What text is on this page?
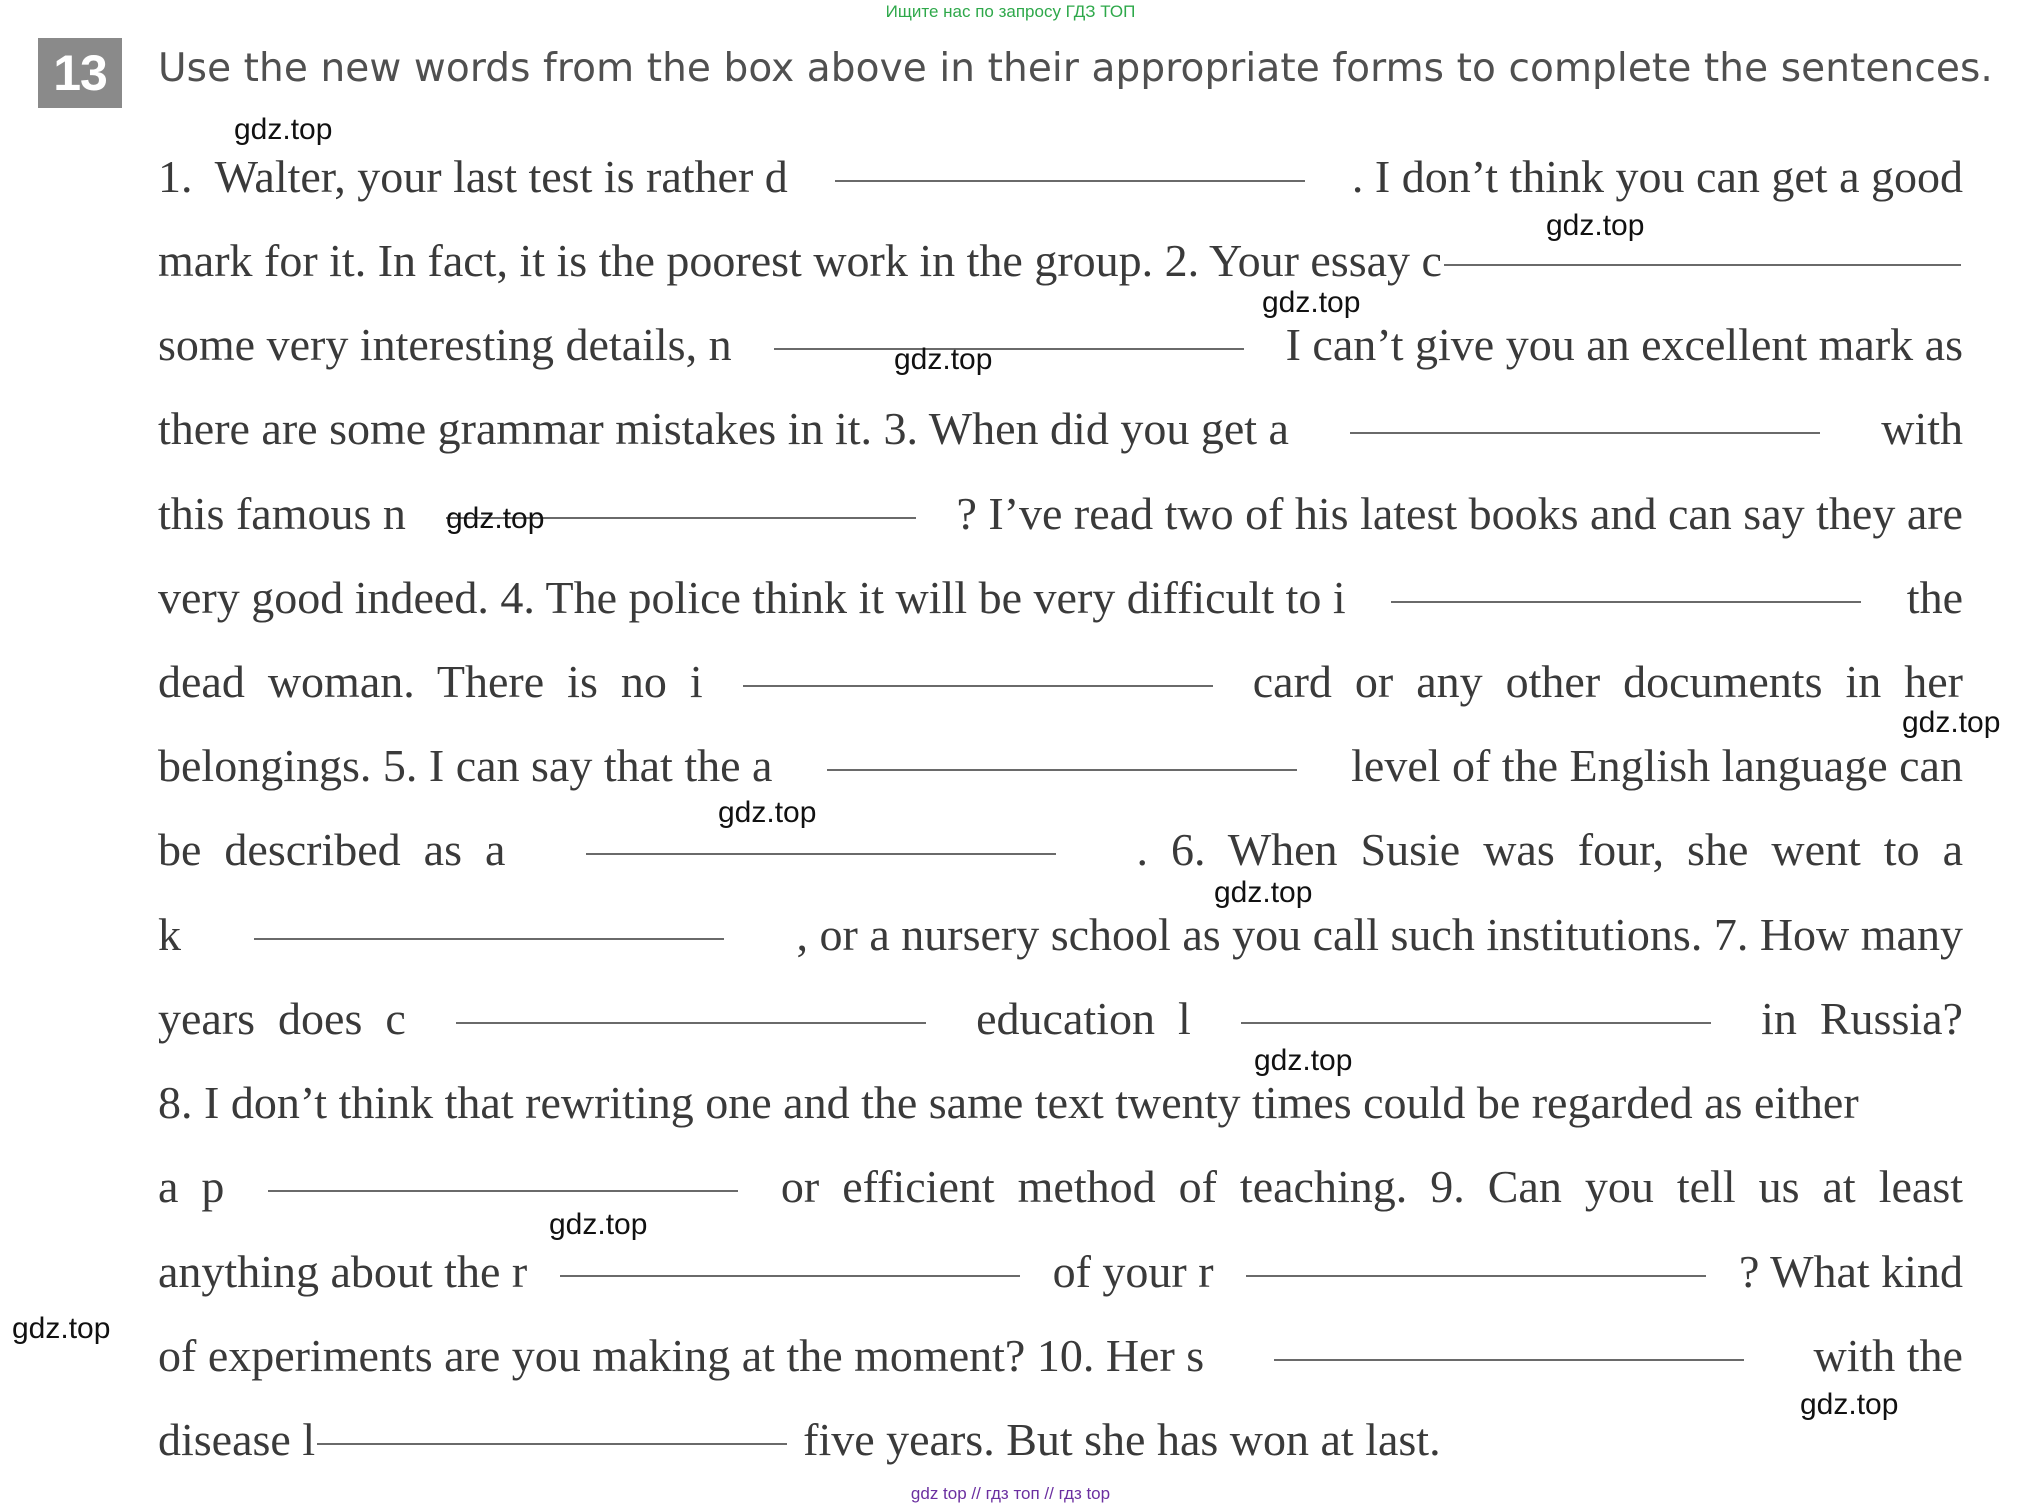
Ищите нас по запросу ГДЗ ТОП
13	Use the new words from the box above in their appropriate forms to complete the sentences.
1.  Walter, your last test is rather d	. I don’t think you can get a good
mark for it. In fact, it is the poorest work in the group. 2. Your essay c
some very interesting details, n	I can’t give you an excellent mark as
there are some grammar mistakes in it. 3. When did you get a	with
this famous n	? I’ve read two of his latest books and can say they are
very good indeed. 4. The police think it will be very difficult to i	the
dead  woman.  There  is  no  i	card  or  any  other  documents  in  her
belongings. 5. I can say that the a	level of the English language can
be  described  as  a	.  6.  When  Susie  was  four,  she  went  to  a
k	, or a nursery school as you call such institutions. 7. How many
years  does  c	education  l	in  Russia?
8. I don’t think that rewriting one and the same text twenty times could be regarded as either
a  p	or  efficient  method  of  teaching.  9.  Can  you  tell  us  at  least
anything about the r	of your r	? What kind
of experiments are you making at the moment? 10. Her s	with the
disease l	five years. But she has won at last.
gdz.top
gdz.top
gdz.top
gdz.top
gdz.top
gdz.top
gdz.top
gdz.top
gdz.top
gdz.top
gdz.top
gdz.top
gdz top // гдз топ // гдз top
